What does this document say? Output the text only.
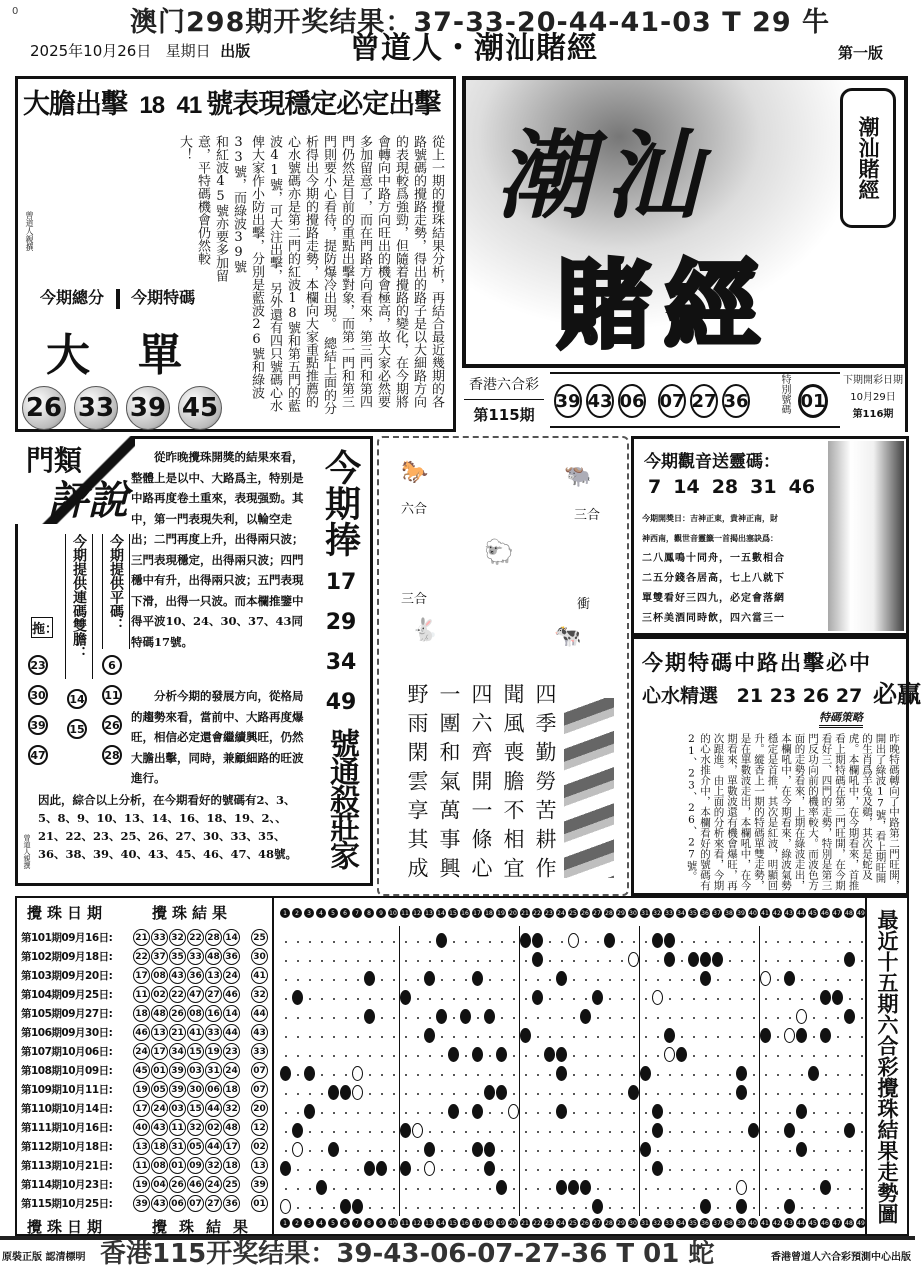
0	澳门298期开奖结果：37-33-20-44-41-03 T 29 牛
曾道人・潮汕賭經
2025年10月26日 星期日 出版	第一版
大膽出擊 18 41 號表現穩定必定出擊
從上一期的攪珠結果分析，再結合最近幾期的各路號碼的攪路走勢，得出的路子是以大細路方向的表現較爲強勁，但隨着攪路的變化，在今期將會轉向中路方向旺出的機會極高，故大家必然要多加留意了，而在門路方向看來，第三門和第四門仍然是目前的重點出擊對象，而第一門和第三門則要小心看待，提防爆冷出現。　總結上面的分析得出今期的攪路走勢，本欄向大家重點推薦的心水號碼亦是第二門的紅波18號和第五門的藍波41號，可大注出擊，另外還有四只號碼心水俾大家作小防出擊，分別是藍波26號和綠波33號，而綠波39號和紅波45號亦要多加留意，平特碼機會仍然較大！
曾道人親撰
今期總分 今期特碼
大 單
26 33 39 45
潮汕
賭經
潮汕賭經
香港六合彩
第115期
39 43 06 07 27 36	特別號碼 01
下期開彩日期
10月29日
第116期
門類
評說
拖：
23
30
39
47
今期提供連碼雙膽：
14
15
今期提供平碼：
6
11
26
28
從昨晚攪珠開獎的結果來看，整體上是以中、大路爲主，特别是中路再度卷土重來，表現强勁。其中，第一門表現失利，以輪空走出；二門再度上升，出得兩只波；三門表現穩定，出得兩只波；四門穩中有升，出得兩只波；五門表現下滑，出得一只波。而本欄推鑒中得平波10、24、30、37、43同特碼17號。
分析今期的發展方向，從格局的趨勢來看，當前中、大路再度爆旺，相信必定還會繼續興旺，仍然大膽出擊，同時，兼顧細路的旺波進行。
因此，綜合以上分析，在今期看好的號碼有2、3、5、8、9、10、13、14、16、18、19、2、、21、22、23、25、26、27、30、33、35、36、38、39、40、43、45、46、47、48號。
曾道人親撰
今期捧
17
29
34
49
號通殺莊家
🐎
六合
🐃
三合
🐑
三合	衝
🐇	🐄
四季勤勞苦耕作
聞風喪膽不相宜
四六齊開一條心
一團和氣萬事興
野雨閑雲享其成
今期觀音送靈碼：
7 14 28 31 46
今期開獎日：吉神正東，貴神正南，財
神西南，觀世音靈籤一首揭出塞訣爲：
二八鳳鳴十同舟，一五數相合
二五分錢各居高，七上八就下
單雙看好三四九，必定會落網
三杯美酒同時飲，四六當三一
今期特碼中路出擊必中
心水精選 21 23 26 27 必贏
特碼策略
昨晚特碼轉向了中路第二門旺開，開出了綠波17號，看上期旺開的生肖爲羊兔及鷄，其次是蛇及虎。本欄吼中，在今期看來，首推看上期特碼在第二門旺開，在今期看好三、四門的走勢，特別是第三門反功向前的機率較大。而波色方面的走勢看來，上期在綠波走出，本欄吼中，在今期看來，綠波氣勢穩定是首推，其次是紅波，明顯回升。縱香上一期的特碼單雙走勢，是在單數波走出，本欄吼中，在今期看來，單數波還有機會爆旺，再次跟進。由上面的分析來看，今期的心水推介中，本欄看好的號碼有21、23、26、27號。
攪珠日期	攪珠結果
攪珠日期	攪珠結果
第101期09月16日:	21 33 32 22 28 14 25
第102期09月18日:	22 37 35 33 48 36 30
第103期09月20日:	17 08 43 36 13 24 41
第104期09月25日:	11 02 22 47 27 46 32
第105期09月27日:	18 48 26 08 16 14 44
第106期09月30日:	46 13 21 41 33 44 43
第107期10月06日:	24 17 34 15 19 23 33
第108期10月09日:	45 01 39 03 31 24 07
第109期10月11日:	19 05 39 30 06 18 07
第110期10月14日:	17 24 03 15 44 32 20
第111期10月16日:	40 43 11 32 02 48 12
第112期10月18日:	13 18 31 05 44 17 02
第113期10月21日:	11 08 01 09 32 18 13
第114期10月23日:	19 04 26 46 24 25 39
第115期10月25日:	39 43 06 07 27 36 01
1
1
2
2
3
3
4
4
5
5
6
6
7
7
8
8
9
9
10
10
11
11
12
12
13
13
14
14
15
15
16
16
17
17
18
18
19
19
20
20
21
21
22
22
23
23
24
24
25
25
26
26
27
27
28
28
29
29
30
30
31
31
32
32
33
33
34
34
35
35
36
36
37
37
38
38
39
39
40
40
41
41
42
42
43
43
44
44
45
45
46
46
47
47
48
48
49
49 最近十五期六合彩攪珠結果走勢圖
原裝正版 認清標明 香港115开奖结果：39-43-06-07-27-36 T 01 蛇	香港曾道人六合彩預測中心出版
